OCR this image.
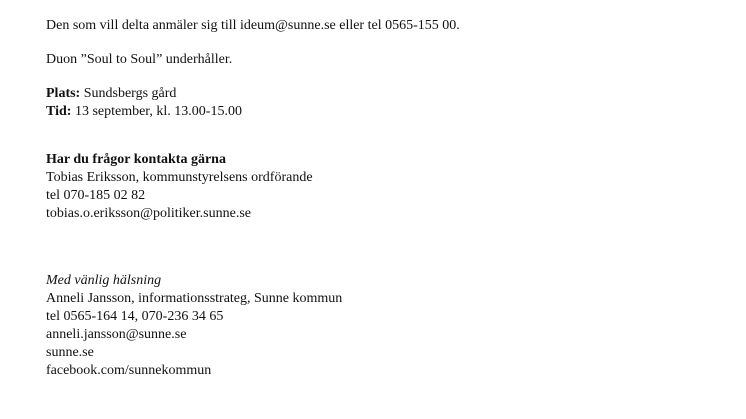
Den som vill delta anmäler sig till ideum@sunne.se eller tel 0565-155 00.
Duon ”Soul to Soul” underhåller.
Plats: Sundsbergs gård
Tid: 13 september, kl. 13.00-15.00
Har du frågor kontakta gärna
Tobias Eriksson, kommunstyrelsens ordförande
tel 070-185 02 82
tobias.o.eriksson@politiker.sunne.se
Med vänlig hälsning
Anneli Jansson, informationsstrateg, Sunne kommun
tel 0565-164 14, 070-236 34 65
anneli.jansson@sunne.se
sunne.se
facebook.com/sunnekommun
